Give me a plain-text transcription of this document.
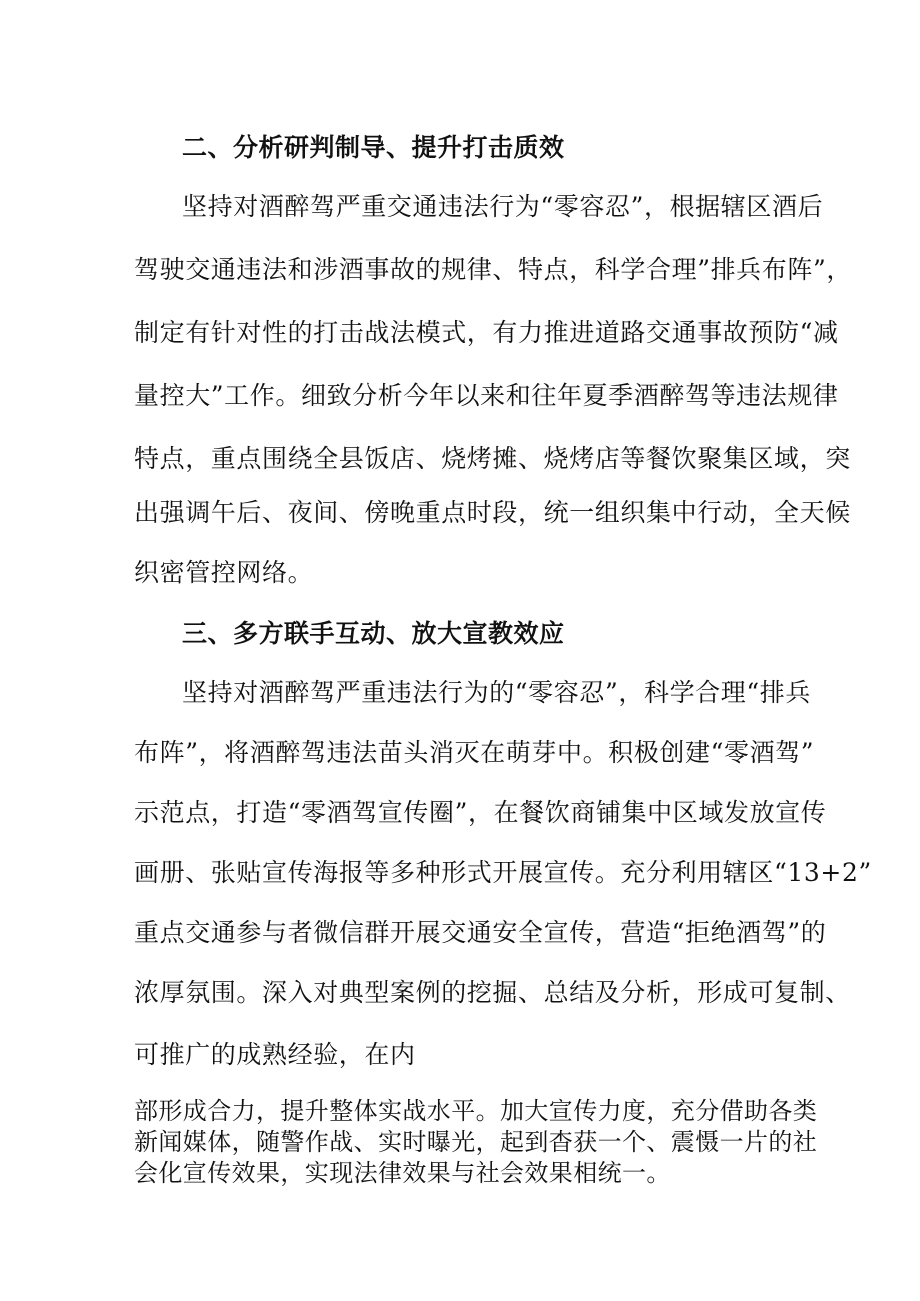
二、分析研判制导、提升打击质效
坚持对酒醉驾严重交通违法行为“零容忍”，根据辖区酒后
驾驶交通违法和涉酒事故的规律、特点，科学合理”排兵布阵”，
制定有针对性的打击战法模式，有力推进道路交通事故预防“减
量控大”工作。细致分析今年以来和往年夏季酒醉驾等违法规律
特点，重点围绕全县饭店、烧烤摊、烧烤店等餐饮聚集区域，突
出强调午后、夜间、傍晚重点时段，统一组织集中行动，全天候
织密管控网络。
三、多方联手互动、放大宣教效应
坚持对酒醉驾严重违法行为的“零容忍”，科学合理“排兵
布阵”，将酒醉驾违法苗头消灭在萌芽中。积极创建“零酒驾”
示范点，打造“零酒驾宣传圈”，在餐饮商铺集中区域发放宣传
画册、张贴宣传海报等多种形式开展宣传。充分利用辖区“13+2”
重点交通参与者微信群开展交通安全宣传，营造“拒绝酒驾”的
浓厚氛围。深入对典型案例的挖掘、总结及分析，形成可复制、
可推广的成熟经验，在内
部形成合力，提升整体实战水平。加大宣传力度，充分借助各类
新闻媒体，随警作战、实时曝光，起到杳获一个、震慑一片的社
会化宣传效果，实现法律效果与社会效果相统一。
